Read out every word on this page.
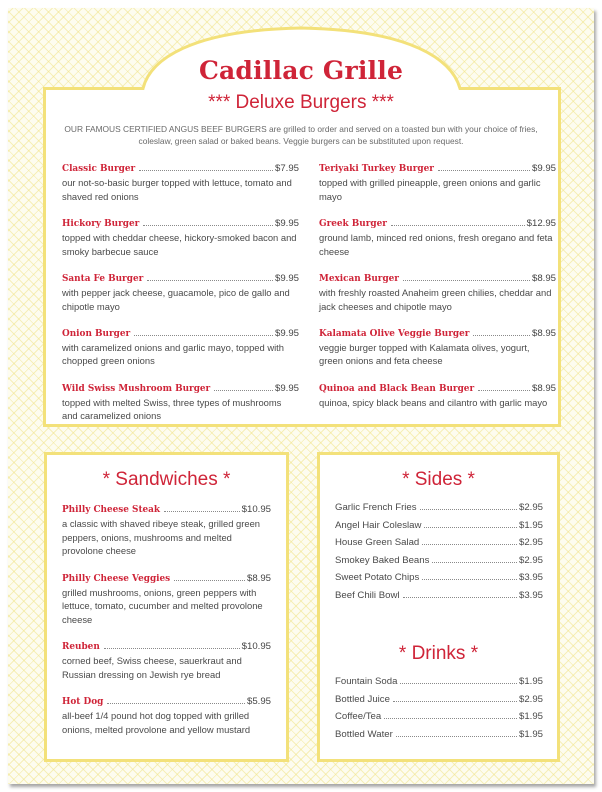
Cadillac Grille
*** Deluxe Burgers ***
OUR FAMOUS CERTIFIED ANGUS BEEF BURGERS are grilled to order and served on a toasted bun with your choice of fries, coleslaw, green salad or baked beans. Veggie burgers can be substituted upon request.
Classic Burger	$7.95
our not-so-basic burger topped with lettuce, tomato and shaved red onions
Hickory Burger	$9.95
topped with cheddar cheese, hickory-smoked bacon and smoky barbecue sauce
Santa Fe Burger	$9.95
with pepper jack cheese, guacamole, pico de gallo and chipotle mayo
Onion Burger	$9.95
with caramelized onions and garlic mayo, topped with chopped green onions
Wild Swiss Mushroom Burger	$9.95
topped with melted Swiss, three types of mushrooms and caramelized onions
Teriyaki Turkey Burger	$9.95
topped with grilled pineapple, green onions and garlic mayo
Greek Burger	$12.95
ground lamb, minced red onions, fresh oregano and feta cheese
Mexican Burger	$8.95
with freshly roasted Anaheim green chilies, cheddar and jack cheeses and chipotle mayo
Kalamata Olive Veggie Burger	$8.95
veggie burger topped with Kalamata olives, yogurt, green onions and feta cheese
Quinoa and Black Bean Burger	$8.95
quinoa, spicy black beans and cilantro with garlic mayo
* Sandwiches *
Philly Cheese Steak	$10.95
a classic with shaved ribeye steak, grilled green peppers, onions, mushrooms and melted provolone cheese
Philly Cheese Veggies	$8.95
grilled mushrooms, onions, green peppers with lettuce, tomato, cucumber and melted provolone cheese
Reuben	$10.95
corned beef, Swiss cheese, sauerkraut and Russian dressing on Jewish rye bread
Hot Dog	$5.95
all-beef 1/4 pound hot dog topped with grilled onions, melted provolone and yellow mustard
* Sides *
Garlic French Fries	$2.95
Angel Hair Coleslaw	$1.95
House Green Salad	$2.95
Smokey Baked Beans	$2.95
Sweet Potato Chips	$3.95
Beef Chili Bowl	$3.95
* Drinks *
Fountain Soda	$1.95
Bottled Juice	$2.95
Coffee/Tea	$1.95
Bottled Water	$1.95
